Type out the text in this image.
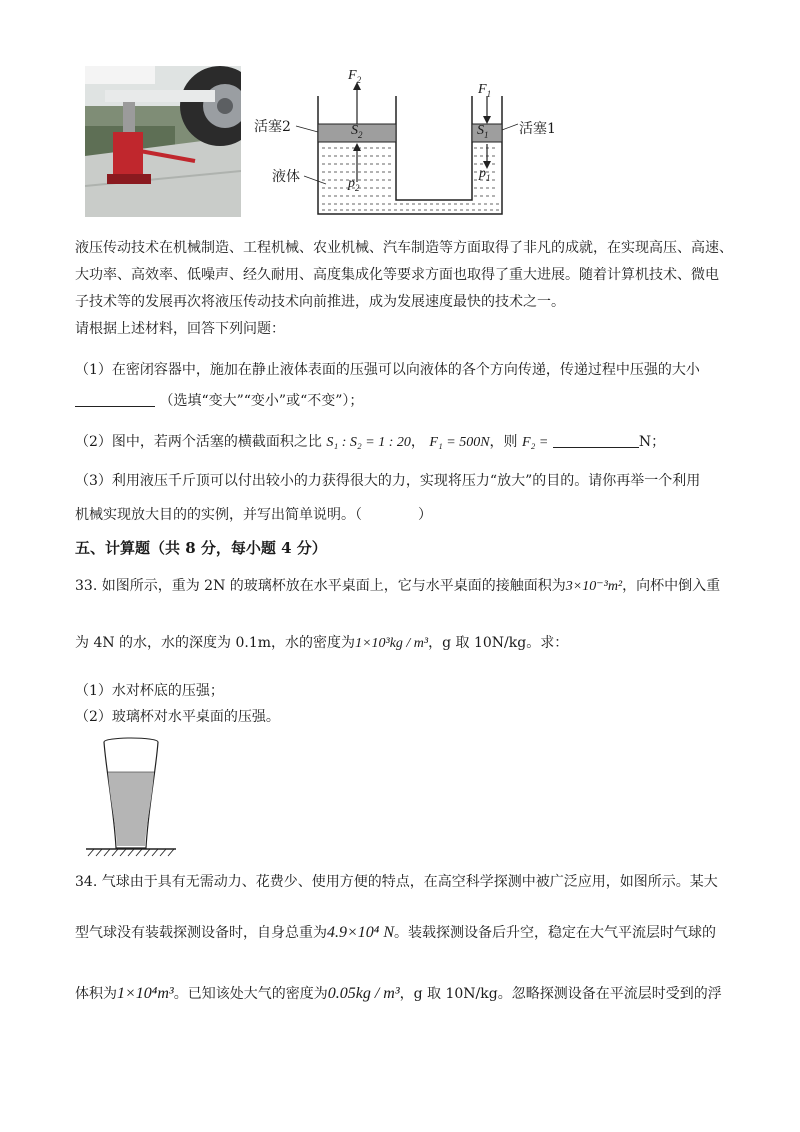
$F_2$
$F_1$
活塞2	活塞1
$S_2$	$S_1$
液体	$p_2$
$p_1$
液压传动技术在机械制造、工程机械、农业机械、汽车制造等方面取得了非凡的成就，在实现高压、高速、
大功率、高效率、低噪声、经久耐用、高度集成化等要求方面也取得了重大进展。随着计算机技术、微电
子技术等的发展再次将液压传动技术向前推进，成为发展速度最快的技术之一。
请根据上述材料，回答下列问题：
（1）在密闭容器中，施加在静止液体表面的压强可以向液体的各个方向传递，传递过程中压强的大小
（选填“变大”“变小”或“不变”）；
（2）图中，若两个活塞的横截面积之比 S₁ : S₂ = 1 : 20， F₁ = 500N，则 F₂ =	N；
（3）利用液压千斤顶可以付出较小的力获得很大的力，实现将压力“放大”的目的。请你再举一个利用
机械实现放大目的的实例，并写出简单说明。（　　　　）
五、计算题（共 8 分，每小题 4 分）
33. 如图所示，重为 2N 的玻璃杯放在水平桌面上，它与水平桌面的接触面积为3×10⁻³m²，向杯中倒入重
为 4N 的水，水的深度为 0.1m，水的密度为1×10³kg / m³，g 取 10N/kg。求：
（1）水对杯底的压强；
（2）玻璃杯对水平桌面的压强。
34. 气球由于具有无需动力、花费少、使用方便的特点，在高空科学探测中被广泛应用，如图所示。某大
型气球没有装载探测设备时，自身总重为4.9×10⁴ N。装载探测设备后升空，稳定在大气平流层时气球的
体积为1×10⁴m³。已知该处大气的密度为0.05kg / m³，g 取 10N/kg。忽略探测设备在平流层时受到的浮
